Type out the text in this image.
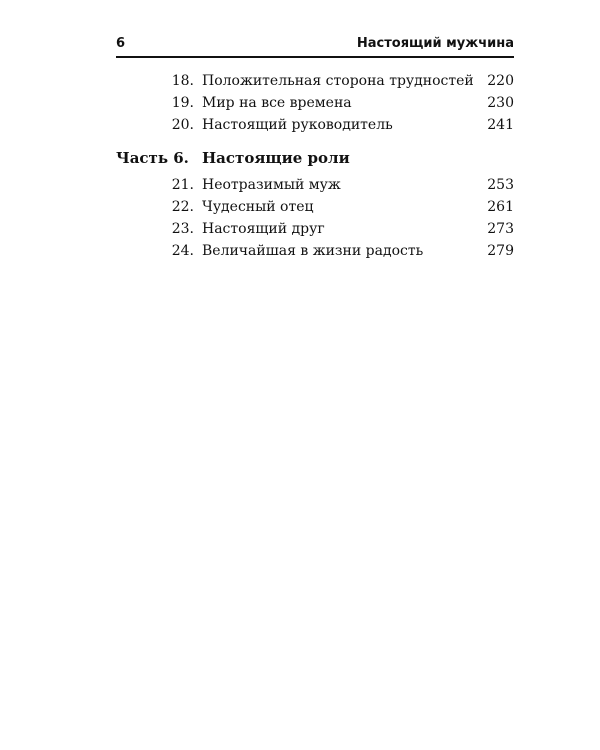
6	Настоящий мужчина
18. Положительная сторона трудностей 220
19. Мир на все времена	230
20. Настоящий руководитель	241
Часть 6. Настоящие роли
21. Неотразимый муж	253
22. Чудесный отец	261
23. Настоящий друг	273
24. Величайшая в жизни радость	279
